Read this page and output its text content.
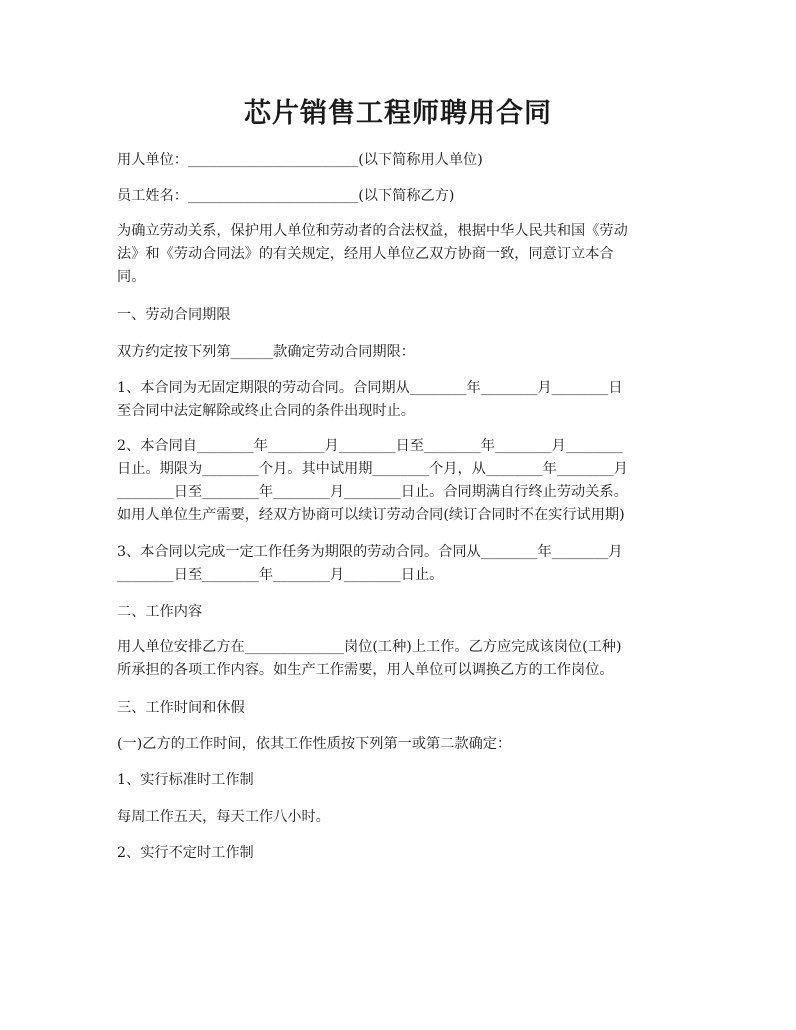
芯片销售工程师聘用合同

用人单位：________________________(以下简称用人单位)

员工姓名：________________________(以下简称乙方)

为确立劳动关系，保护用人单位和劳动者的合法权益，根据中华人民共和国《劳动
法》和《劳动合同法》的有关规定，经用人单位乙双方协商一致，同意订立本合
同。

一、劳动合同期限

双方约定按下列第______款确定劳动合同期限：

1、本合同为无固定期限的劳动合同。合同期从________年________月________日
至合同中法定解除或终止合同的条件出现时止。

2、本合同自________年________月________日至________年________月________
日止。期限为________个月。其中试用期________个月，从________年________月
________日至________年________月________日止。合同期满自行终止劳动关系。
如用人单位生产需要，经双方协商可以续订劳动合同(续订合同时不在实行试用期)

3、本合同以完成一定工作任务为期限的劳动合同。合同从________年________月
________日至________年________月________日止。

二、工作内容

用人单位安排乙方在______________岗位(工种)上工作。乙方应完成该岗位(工种)
所承担的各项工作内容。如生产工作需要，用人单位可以调换乙方的工作岗位。

三、工作时间和休假

(一)乙方的工作时间，依其工作性质按下列第一或第二款确定：

1、实行标准时工作制

每周工作五天，每天工作八小时。

2、实行不定时工作制
